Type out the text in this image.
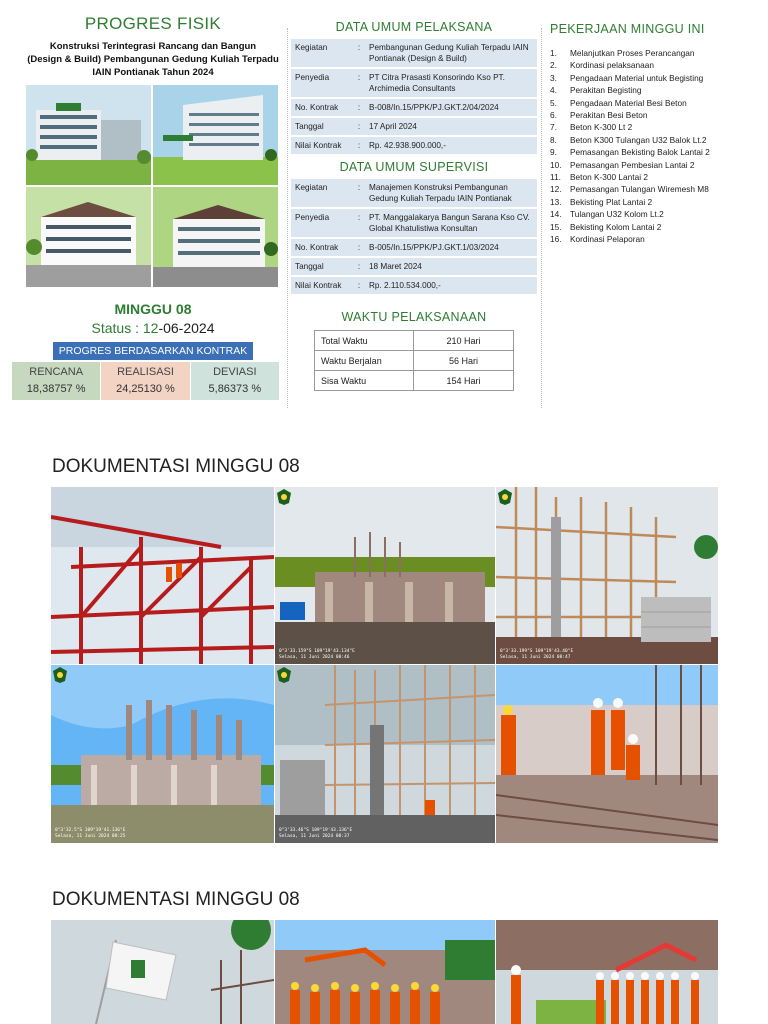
PROGRES FISIK
Konstruksi Terintegrasi Rancang dan Bangun
(Design & Build) Pembangunan Gedung Kuliah Terpadu
IAIN Pontianak Tahun 2024
MINGGU 08
Status : 12-06-2024
PROGRES BERDASARKAN KONTRAK
RENCANA
18,38757 %
REALISASI
24,25130 %
DEVIASI
5,86373 %
DATA UMUM PELAKSANA
Kegiatan	:	Pembangunan Gedung Kuliah Terpadu IAIN Pontianak (Design & Build)
Penyedia	:	PT Citra Prasasti Konsorindo Kso PT. Archimedia Consultants
No. Kontrak	:	B-008/In.15/PPK/PJ.GKT.2/04/2024
Tanggal	:	17 April 2024
Nilai Kontrak	:	Rp. 42.938.900.000,-
DATA UMUM SUPERVISI
Kegiatan	:	Manajemen Konstruksi Pembangunan Gedung Kuliah Terpadu IAIN Pontianak
Penyedia	:	PT. Manggalakarya Bangun Sarana Kso CV. Global Khatulistiwa Konsultan
No. Kontrak	:	B-005/In.15/PPK/PJ.GKT.1/03/2024
Tanggal	:	18 Maret 2024
Nilai Kontrak	:	Rp. 2.110.534.000,-
WAKTU PELAKSANAAN
Total Waktu	210 Hari
Waktu Berjalan	56 Hari
Sisa Waktu	154 Hari
PEKERJAAN MINGGU INI
1.	Melanjutkan Proses Perancangan
2.	Kordinasi pelaksanaan
3.	Pengadaan Material untuk Begisting
4.	Perakitan Begisting
5.	Pengadaan Material Besi Beton
6.	Perakitan Besi Beton
7.	Beton K-300 Lt 2
8.	Beton K300 Tulangan U32 Balok Lt.2
9.	Pemasangan Bekisting Balok Lantai 2
10.	Pemasangan Pembesian Lantai 2
11.	Beton K-300 Lantai 2
12.	Pemasangan Tulangan Wiremesh M8
13.	Bekisting Plat Lantai 2
14.	Tulangan U32 Kolom Lt.2
15.	Bekisting Kolom Lantai 2
16.	Kordinasi Pelaporan
DOKUMENTASI MINGGU 08
0°3'33.159"S 109°19'43.134"E
Selasa, 11 Juni 2024 08:46
0°3'33.199"S 109°19'43.40"E
Selasa, 11 Juni 2024 08:47
0°3'32.5"S 109°19'41.136"E
Selasa, 11 Juni 2024 08:25
0°3'33.46"S 109°19'43.136"E
Selasa, 11 Juni 2024 08:37
DOKUMENTASI MINGGU 08
